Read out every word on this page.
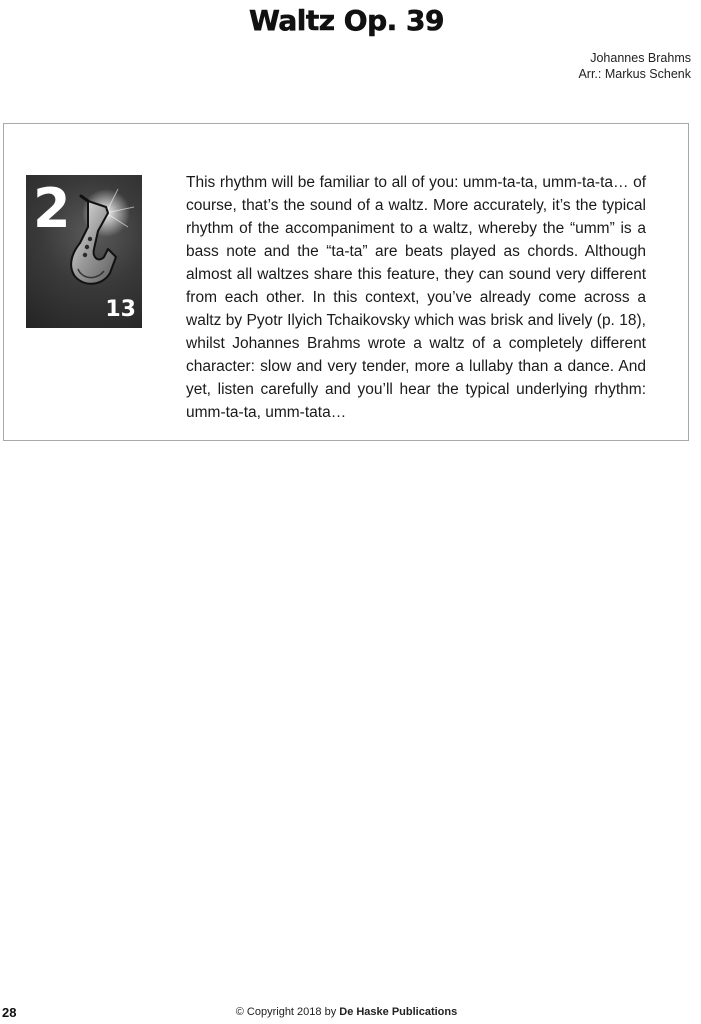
Waltz Op. 39
Johannes Brahms
Arr.: Markus Schenk
2
13

This rhythm will be familiar to all of you: umm-ta-ta, umm-ta-ta… of course, that’s the sound of a waltz. More accurately, it’s the typical rhythm of the accompaniment to a waltz, whereby the “umm” is a bass note and the “ta-ta” are beats played as chords. Although almost all waltzes share this feature, they can sound very different from each other. In this context, you’ve already come across a waltz by Pyotr Ilyich Tchaikovsky which was brisk and lively (p. 18), whilst Johannes Brahms wrote a waltz of a completely different character: slow and very tender, more a lullaby than a dance. And yet, listen carefully and you’ll hear the typical underlying rhythm: umm-ta-ta, umm-tata…

28	© Copyright 2018 by De Haske Publications
